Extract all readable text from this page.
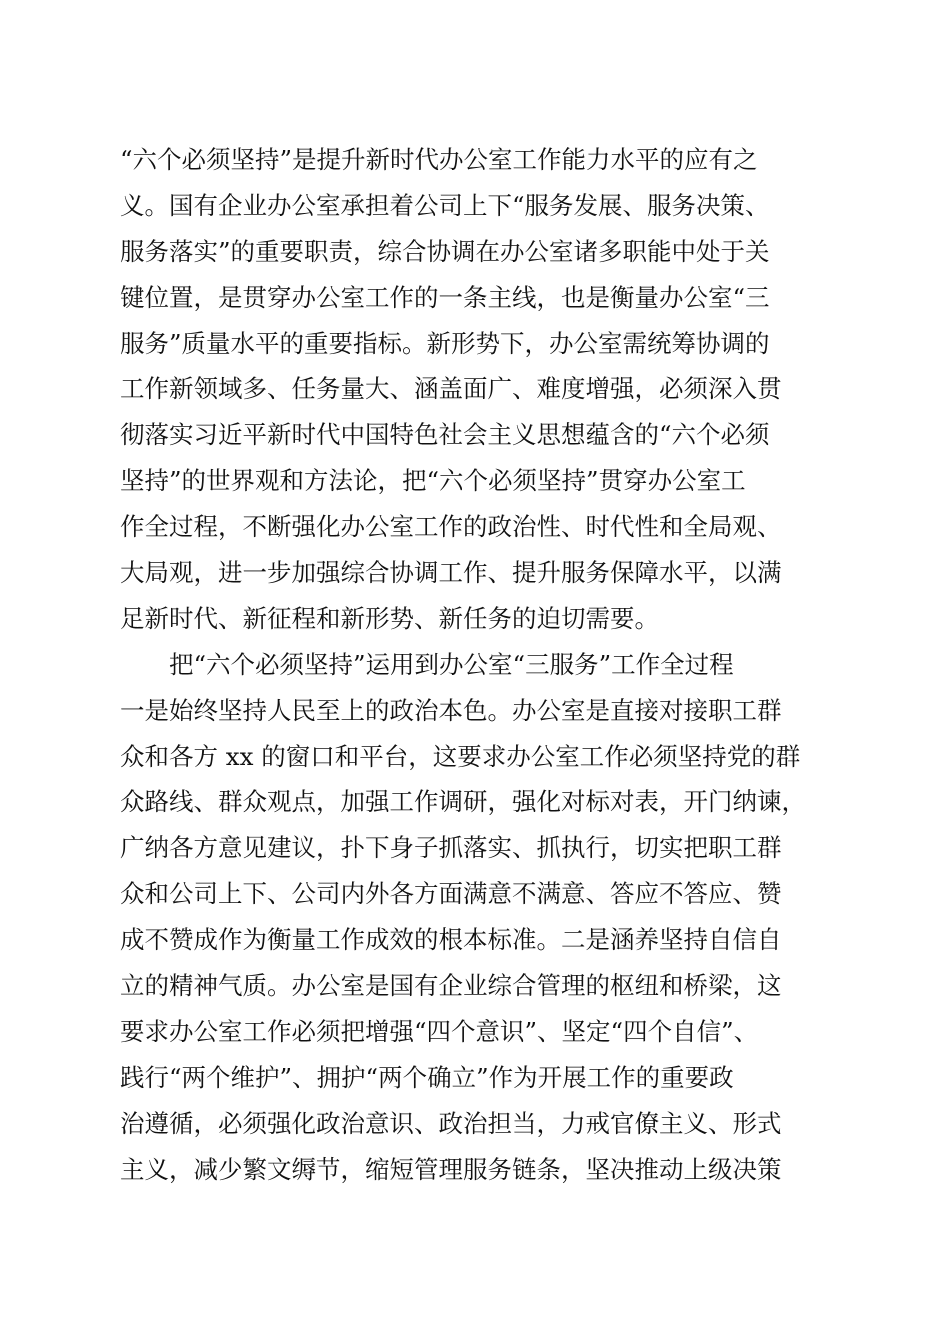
“六个必须坚持”是提升新时代办公室工作能力水平的应有之
义。国有企业办公室承担着公司上下“服务发展、服务决策、
服务落实”的重要职责，综合协调在办公室诸多职能中处于关
键位置，是贯穿办公室工作的一条主线，也是衡量办公室“三
服务”质量水平的重要指标。新形势下，办公室需统筹协调的
工作新领域多、任务量大、涵盖面广、难度增强，必须深入贯
彻落实习近平新时代中国特色社会主义思想蕴含的“六个必须
坚持”的世界观和方法论，把“六个必须坚持”贯穿办公室工
作全过程，不断强化办公室工作的政治性、时代性和全局观、
大局观，进一步加强综合协调工作、提升服务保障水平，以满
足新时代、新征程和新形势、新任务的迫切需要。
把“六个必须坚持”运用到办公室“三服务”工作全过程
一是始终坚持人民至上的政治本色。办公室是直接对接职工群
众和各方 xx 的窗口和平台，这要求办公室工作必须坚持党的群
众路线、群众观点，加强工作调研，强化对标对表，开门纳谏，
广纳各方意见建议，扑下身子抓落实、抓执行，切实把职工群
众和公司上下、公司内外各方面满意不满意、答应不答应、赞
成不赞成作为衡量工作成效的根本标准。二是涵养坚持自信自
立的精神气质。办公室是国有企业综合管理的枢纽和桥梁，这
要求办公室工作必须把增强“四个意识”、坚定“四个自信”、
践行“两个维护”、拥护“两个确立”作为开展工作的重要政
治遵循，必须强化政治意识、政治担当，力戒官僚主义、形式
主义，减少繁文缛节，缩短管理服务链条，坚决推动上级决策
